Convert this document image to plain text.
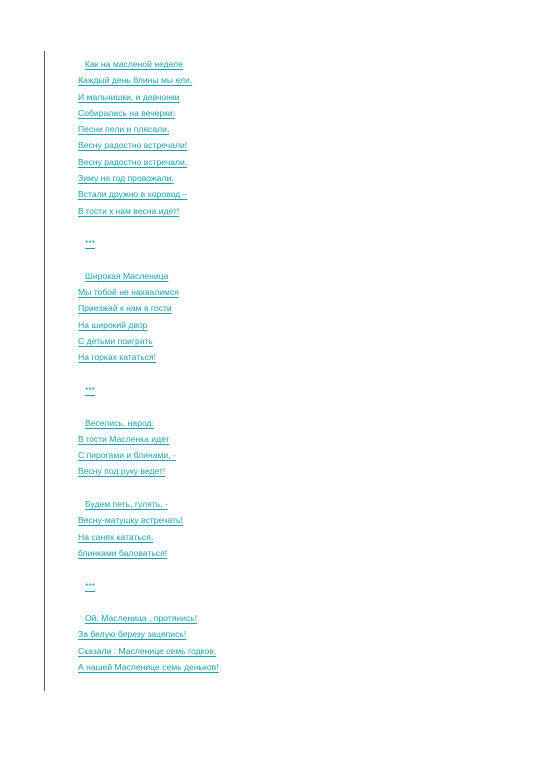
Как на масленой неделе
Каждый день блины мы ели,
И мальчишки, и девчонки
Собирались на вечерки:
Песни пели и плясали,
Весну радостно встречали!
Весну радостно встречали,
Зиму на год провожали.
Встали дружно в хоровод –
В гости к нам весна идет!
***
Широкая Масленица
Мы тобой не нахвалимся
Приезжай к нам в гости
На широкий двор
С детьми поиграть
На горках кататься!
***
Веселись, народ:
В гости Масленка идет
С пирогами и блинами, -
Весну под руку ведет!
Будем петь, гулять, -
Весну-матушку встречать!
На санях кататься,
блинками баловаться!
***
Ой, Масленица , протянись!
За белую березу зацепись!
Сказали : Масленице семь годков,
А нашей Масленице семь деньков!
